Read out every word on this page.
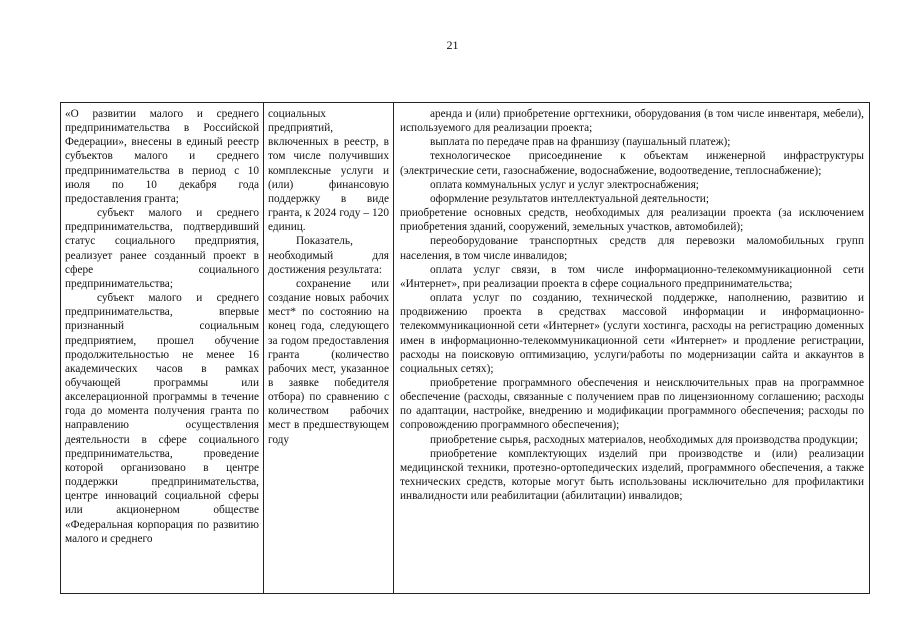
21

«О развитии малого и среднего предпринимательства в Российской Федерации», внесены в единый реестр субъектов малого и среднего предпринимательства в период с 10 июля по 10 декабря года предоставления гранта;

субъект малого и среднего предпринимательства, подтвердивший статус социального предприятия, реализует ранее созданный проект в сфере социального предпринимательства;

субъект малого и среднего предпринимательства, впервые признанный социальным предприятием, прошел обучение продолжительностью не менее 16 академических часов в рамках обучающей программы или акселерационной программы в течение года до момента получения гранта по направлению осуществления деятельности в сфере социального предпринимательства, проведение которой организовано в центре поддержки предпринимательства, центре инноваций социальной сферы или акционерном обществе «Федеральная корпорация по развитию малого и среднего

социальных предприятий, включенных в реестр, в том числе получивших комплексные услуги и (или) финансовую поддержку в виде гранта, к 2024 году – 120 единиц.

Показатель, необходимый для достижения результата:

сохранение или создание новых рабочих мест* по состоянию на конец года, следующего за годом предоставления гранта (количество рабочих мест, указанное в заявке победителя отбора) по сравнению с количеством рабочих мест в предшествующем году

аренда и (или) приобретение оргтехники, оборудования (в том числе инвентаря, мебели), используемого для реализации проекта;

выплата по передаче прав на франшизу (паушальный платеж);

технологическое присоединение к объектам инженерной инфраструктуры (электрические сети, газоснабжение, водоснабжение, водоотведение, теплоснабжение);

оплата коммунальных услуг и услуг электроснабжения;

оформление результатов интеллектуальной деятельности;

приобретение основных средств, необходимых для реализации проекта (за исключением приобретения зданий, сооружений, земельных участков, автомобилей);

переоборудование транспортных средств для перевозки маломобильных групп населения, в том числе инвалидов;

оплата услуг связи, в том числе информационно-телекоммуникационной сети «Интернет», при реализации проекта в сфере социального предпринимательства;

оплата услуг по созданию, технической поддержке, наполнению, развитию и продвижению проекта в средствах массовой информации и информационно-телекоммуникационной сети «Интернет» (услуги хостинга, расходы на регистрацию доменных имен в информационно-телекоммуникационной сети «Интернет» и продление регистрации, расходы на поисковую оптимизацию, услуги/работы по модернизации сайта и аккаунтов в социальных сетях);

приобретение программного обеспечения и неисключительных прав на программное обеспечение (расходы, связанные с получением прав по лицензионному соглашению; расходы по адаптации, настройке, внедрению и модификации программного обеспечения; расходы по сопровождению программного обеспечения);

приобретение сырья, расходных материалов, необходимых для производства продукции;

приобретение комплектующих изделий при производстве и (или) реализации медицинской техники, протезно-ортопедических изделий, программного обеспечения, а также технических средств, которые могут быть использованы исключительно для профилактики инвалидности или реабилитации (абилитации) инвалидов;
